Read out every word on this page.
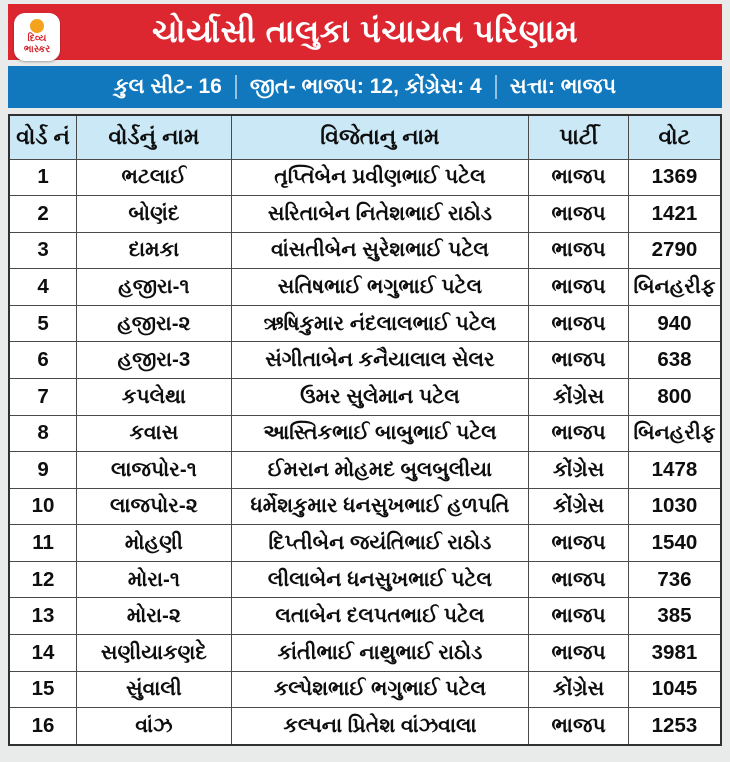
દિવ્ય
ભાસ્કર	ચોર્યાસી તાલુકા પંચાયત પરિણામ
કુલ સીટ- 16 જીત- ભાજપ: 12, કોંગ્રેસ: 4 સત્તા: ભાજપ
વોર્ડ નં	વોર્ડનું નામ	વિજેતાનુ નામ	પાર્ટી	વોટ
1	ભટલાઈ	તૃપ્તિબેન પ્રવીણભાઈ પટેલ	ભાજપ	1369
2	બોણંદ	સરિતાબેન નિતેશભાઈ રાઠોડ	ભાજપ	1421
3	દામકા	વાંસતીબેન સુરેશભાઈ પટેલ	ભાજપ	2790
4	હજીરા-૧	સતિષભાઈ ભગુભાઈ પટેલ	ભાજપ	બિનહરીફ
5	હજીરા-૨	ઋષિકુમાર નંદલાલભાઈ પટેલ	ભાજપ	940
6	હજીરા-3	સંગીતાબેન કનૈયાલાલ સેલર	ભાજપ	638
7	કપલેથા	ઉમર સુલેમાન પટેલ	કોંગ્રેસ	800
8	કવાસ	આસ્તિકભાઈ બાબુભાઈ પટેલ	ભાજપ	બિનહરીફ
9	લાજપોર-૧	ઈમરાન મોહમદ બુલબુલીયા	કોંગ્રેસ	1478
10	લાજપોર-૨	ધર્મેશકુમાર ધનસુખભાઈ હળપતિ	કોંગ્રેસ	1030
11	મોહણી	દિપ્તીબેન જયંતિભાઈ રાઠોડ	ભાજપ	1540
12	મોરા-૧	લીલાબેન ધનસુખભાઈ પટેલ	ભાજપ	736
13	મોરા-૨	લતાબેન દલપતભાઈ પટેલ	ભાજપ	385
14	સણીયાકણદે	કાંતીભાઈ નાથુભાઈ રાઠોડ	ભાજપ	3981
15	સુંવાલી	કલ્પેશભાઈ ભગુભાઈ પટેલ	કોંગ્રેસ	1045
16	વાંઝ	કલ્પના પ્રિતેશ વાંઝવાલા	ભાજપ	1253
